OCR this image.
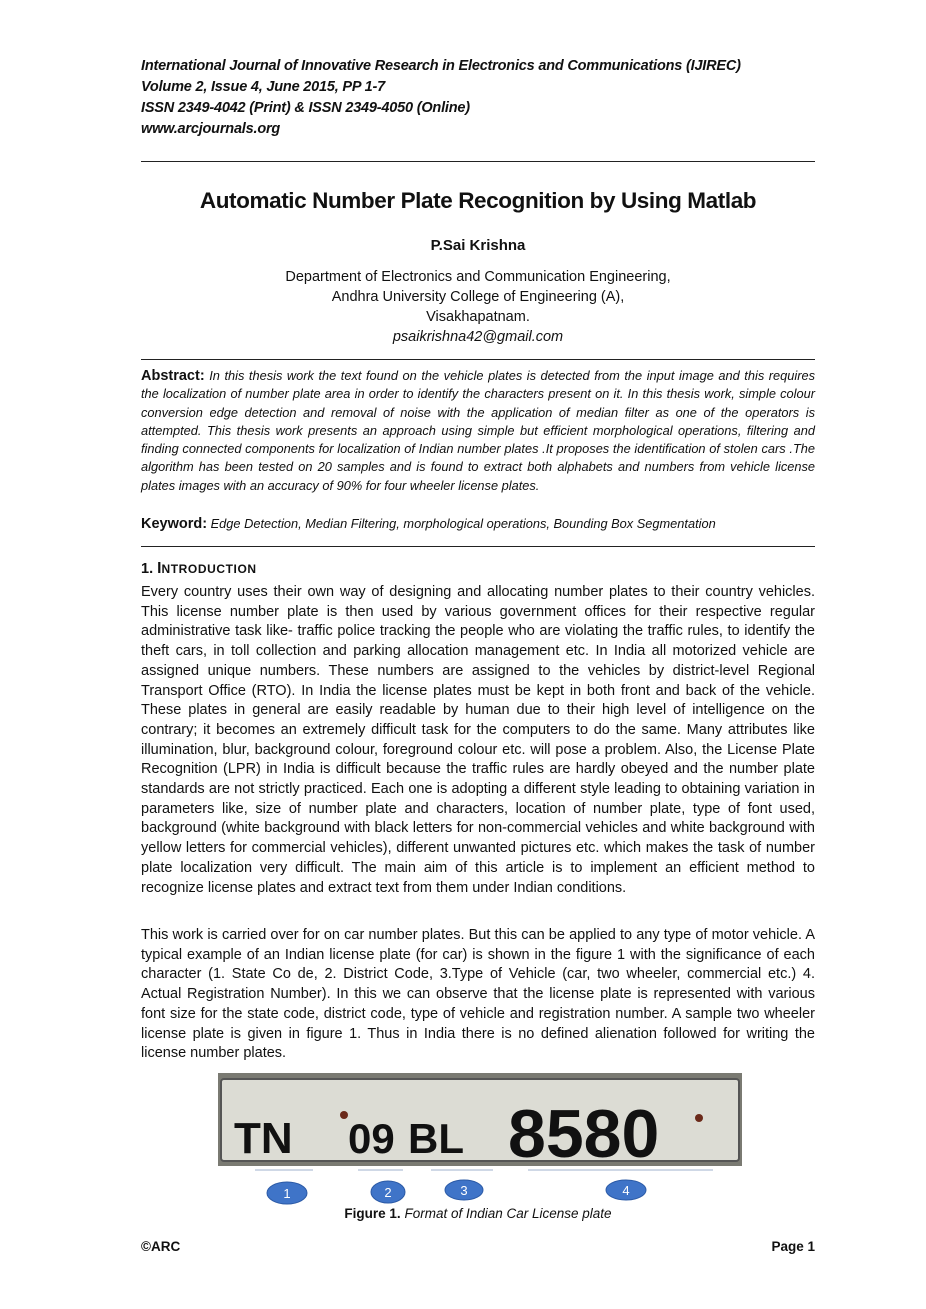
International Journal of Innovative Research in Electronics and Communications (IJIREC)
Volume 2, Issue 4, June 2015, PP 1-7
ISSN 2349-4042 (Print) & ISSN 2349-4050 (Online)
www.arcjournals.org
Automatic Number Plate Recognition by Using Matlab
P.Sai Krishna
Department of Electronics and Communication Engineering,
Andhra University College of Engineering (A),
Visakhapatnam.
psaikrishna42@gmail.com
Abstract: In this thesis work the text found on the vehicle plates is detected from the input image and this requires the localization of number plate area in order to identify the characters present on it. In this thesis work, simple colour conversion edge detection and removal of noise with the application of median filter as one of the operators is attempted. This thesis work presents an approach using simple but efficient morphological operations, filtering and finding connected components for localization of Indian number plates .It proposes the identification of stolen cars .The algorithm has been tested on 20 samples and is found to extract both alphabets and numbers from vehicle license plates images with an accuracy of 90% for four wheeler license plates.
Keyword: Edge Detection, Median Filtering, morphological operations, Bounding Box Segmentation
1. INTRODUCTION
Every country uses their own way of designing and allocating number plates to their country vehicles. This license number plate is then used by various government offices for their respective regular administrative task like- traffic police tracking the people who are violating the traffic rules, to identify the theft cars, in toll collection and parking allocation management etc. In India all motorized vehicle are assigned unique numbers. These numbers are assigned to the vehicles by district-level Regional Transport Office (RTO). In India the license plates must be kept in both front and back of the vehicle. These plates in general are easily readable by human due to their high level of intelligence on the contrary; it becomes an extremely difficult task for the computers to do the same. Many attributes like illumination, blur, background colour, foreground colour etc. will pose a problem. Also, the License Plate Recognition (LPR) in India is difficult because the traffic rules are hardly obeyed and the number plate standards are not strictly practiced. Each one is adopting a different style leading to obtaining variation in parameters like, size of number plate and characters, location of number plate, type of font used, background (white background with black letters for non-commercial vehicles and white background with yellow letters for commercial vehicles), different unwanted pictures etc. which makes the task of number plate localization very difficult. The main aim of this article is to implement an efficient method to recognize license plates and extract text from them under Indian conditions.
This work is carried over for on car number plates. But this can be applied to any type of motor vehicle. A typical example of an Indian license plate (for car) is shown in the figure 1 with the significance of each character (1. State Co de, 2. District Code, 3.Type of Vehicle (car, two wheeler, commercial etc.) 4. Actual Registration Number). In this we can observe that the license plate is represented with various font size for the state code, district code, type of vehicle and registration number. A sample two wheeler license plate is given in figure 1. Thus in India there is no defined alienation followed for writing the license number plates.
TN 09 BL 8580
1	2	3	4
Figure 1. Format of Indian Car License plate
©ARC	Page 1
